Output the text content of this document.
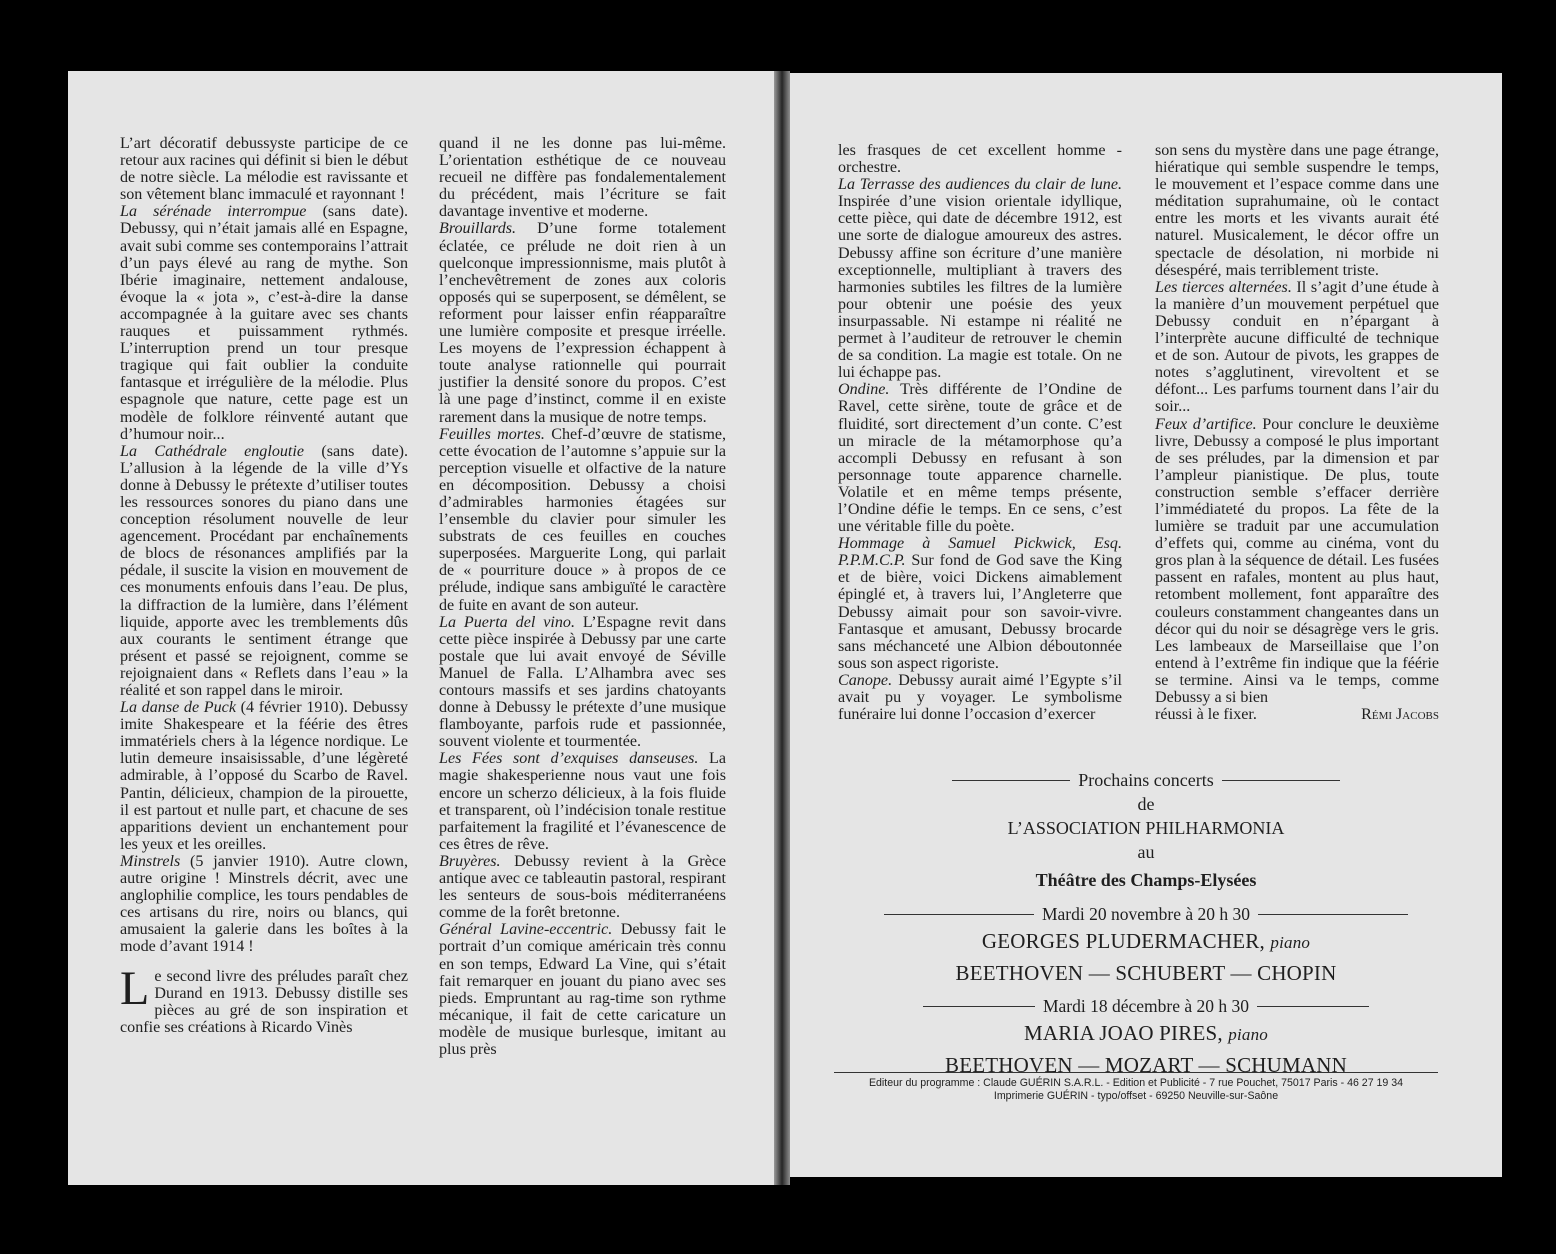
L’art décoratif debussyste participe de ce retour aux racines qui définit si bien le début de notre siècle. La mélodie est ravissante et son vêtement blanc immaculé et rayonnant !

La sérénade interrompue (sans date). Debussy, qui n’était jamais allé en Espagne, avait subi comme ses contemporains l’attrait d’un pays élevé au rang de mythe. Son Ibérie imaginaire, nettement andalouse, évoque la « jota », c’est-à-dire la danse accompagnée à la guitare avec ses chants rauques et puissamment rythmés. L’interruption prend un tour presque tragique qui fait oublier la conduite fantasque et irrégulière de la mélodie. Plus espagnole que nature, cette page est un modèle de folklore réinventé autant que d’humour noir...

La Cathédrale engloutie (sans date). L’allusion à la légende de la ville d’Ys donne à Debussy le prétexte d’utiliser toutes les ressources sonores du piano dans une conception résolument nouvelle de leur agencement. Procédant par enchaînements de blocs de résonances amplifiés par la pédale, il suscite la vision en mouvement de ces monuments enfouis dans l’eau. De plus, la diffraction de la lumière, dans l’élément liquide, apporte avec les tremblements dûs aux courants le sentiment étrange que présent et passé se rejoignent, comme se rejoignaient dans « Reflets dans l’eau » la réalité et son rappel dans le miroir.

La danse de Puck (4 février 1910). Debussy imite Shakespeare et la féérie des êtres immatériels chers à la légence nordique. Le lutin demeure insaisissable, d’une légèreté admirable, à l’opposé du Scarbo de Ravel. Pantin, délicieux, champion de la pirouette, il est partout et nulle part, et chacune de ses apparitions devient un enchantement pour les yeux et les oreilles.

Minstrels (5 janvier 1910). Autre clown, autre origine ! Minstrels décrit, avec une anglophilie complice, les tours pendables de ces artisans du rire, noirs ou blancs, qui amusaient la galerie dans les boîtes à la mode d’avant 1914 !

Le second livre des préludes paraît chez Durand en 1913. Debussy distille ses pièces au gré de son inspiration et confie ses créations à Ricardo Vinès

quand il ne les donne pas lui-même. L’orientation esthétique de ce nouveau recueil ne diffère pas fondalementalement du précédent, mais l’écriture se fait davantage inventive et moderne.

Brouillards. D’une forme totalement éclatée, ce prélude ne doit rien à un quelconque impressionnisme, mais plutôt à l’enchevêtrement de zones aux coloris opposés qui se superposent, se démêlent, se reforment pour laisser enfin réapparaître une lumière composite et presque irréelle. Les moyens de l’expression échappent à toute analyse rationnelle qui pourrait justifier la densité sonore du propos. C’est là une page d’instinct, comme il en existe rarement dans la musique de notre temps.

Feuilles mortes. Chef-d’œuvre de statisme, cette évocation de l’automne s’appuie sur la perception visuelle et olfactive de la nature en décomposition. Debussy a choisi d’admirables harmonies étagées sur l’ensemble du clavier pour simuler les substrats de ces feuilles en couches superposées. Marguerite Long, qui parlait de « pourriture douce » à propos de ce prélude, indique sans ambiguïté le caractère de fuite en avant de son auteur.

La Puerta del vino. L’Espagne revit dans cette pièce inspirée à Debussy par une carte postale que lui avait envoyé de Séville Manuel de Falla. L’Alhambra avec ses contours massifs et ses jardins chatoyants donne à Debussy le prétexte d’une musique flamboyante, parfois rude et passionnée, souvent violente et tourmentée.

Les Fées sont d’exquises danseuses. La magie shakesperienne nous vaut une fois encore un scherzo délicieux, à la fois fluide et transparent, où l’indécision tonale restitue parfaitement la fragilité et l’évanescence de ces êtres de rêve.

Bruyères. Debussy revient à la Grèce antique avec ce tableautin pastoral, respirant les senteurs de sous-bois méditerranéens comme de la forêt bretonne.

Général Lavine-eccentric. Debussy fait le portrait d’un comique américain très connu en son temps, Edward La Vine, qui s’était fait remarquer en jouant du piano avec ses pieds. Empruntant au rag-time son rythme mécanique, il fait de cette caricature un modèle de musique burlesque, imitant au plus près

les frasques de cet excellent homme - orchestre.

La Terrasse des audiences du clair de lune. Inspirée d’une vision orientale idyllique, cette pièce, qui date de décembre 1912, est une sorte de dialogue amoureux des astres. Debussy affine son écriture d’une manière exceptionnelle, multipliant à travers des harmonies subtiles les filtres de la lumière pour obtenir une poésie des yeux insurpassable. Ni estampe ni réalité ne permet à l’auditeur de retrouver le chemin de sa condition. La magie est totale. On ne lui échappe pas.

Ondine. Très différente de l’Ondine de Ravel, cette sirène, toute de grâce et de fluidité, sort directement d’un conte. C’est un miracle de la métamorphose qu’a accompli Debussy en refusant à son personnage toute apparence charnelle. Volatile et en même temps présente, l’Ondine défie le temps. En ce sens, c’est une véritable fille du poète.

Hommage à Samuel Pickwick, Esq. P.P.M.C.P. Sur fond de God save the King et de bière, voici Dickens aimablement épinglé et, à travers lui, l’Angleterre que Debussy aimait pour son savoir-vivre. Fantasque et amusant, Debussy brocarde sans méchanceté une Albion déboutonnée sous son aspect rigoriste.

Canope. Debussy aurait aimé l’Egypte s’il avait pu y voyager. Le symbolisme funéraire lui donne l’occasion d’exercer

son sens du mystère dans une page étrange, hiératique qui semble suspendre le temps, le mouvement et l’espace comme dans une méditation suprahumaine, où le contact entre les morts et les vivants aurait été naturel. Musicalement, le décor offre un spectacle de désolation, ni morbide ni désespéré, mais terriblement triste.

Les tierces alternées. Il s’agit d’une étude à la manière d’un mouvement perpétuel que Debussy conduit en n’épargant à l’interprète aucune difficulté de technique et de son. Autour de pivots, les grappes de notes s’agglutinent, virevoltent et se défont... Les parfums tournent dans l’air du soir...

Feux d’artifice. Pour conclure le deuxième livre, Debussy a composé le plus important de ses préludes, par la dimension et par l’ampleur pianistique. De plus, toute construction semble s’effacer derrière l’immédiateté du propos. La fête de la lumière se traduit par une accumulation d’effets qui, comme au cinéma, vont du gros plan à la séquence de détail. Les fusées passent en rafales, montent au plus haut, retombent mollement, font apparaître des couleurs constamment changeantes dans un décor qui du noir se désagrège vers le gris. Les lambeaux de Marseillaise que l’on entend à l’extrême fin indique que la féérie se termine. Ainsi va le temps, comme Debussy a si bien

réussi à le fixer.	Rémi Jacobs

Prochains concerts
de
L’ASSOCIATION PHILHARMONIA
au
Théâtre des Champs-Elysées
Mardi 20 novembre à 20 h 30
GEORGES PLUDERMACHER, piano
BEETHOVEN — SCHUBERT — CHOPIN
Mardi 18 décembre à 20 h 30
MARIA JOAO PIRES, piano
BEETHOVEN — MOZART — SCHUMANN
Editeur du programme : Claude GUÉRIN S.A.R.L. - Edition et Publicité - 7 rue Pouchet, 75017 Paris - 46 27 19 34
Imprimerie GUÉRIN - typo/offset - 69250 Neuville-sur-Saône
